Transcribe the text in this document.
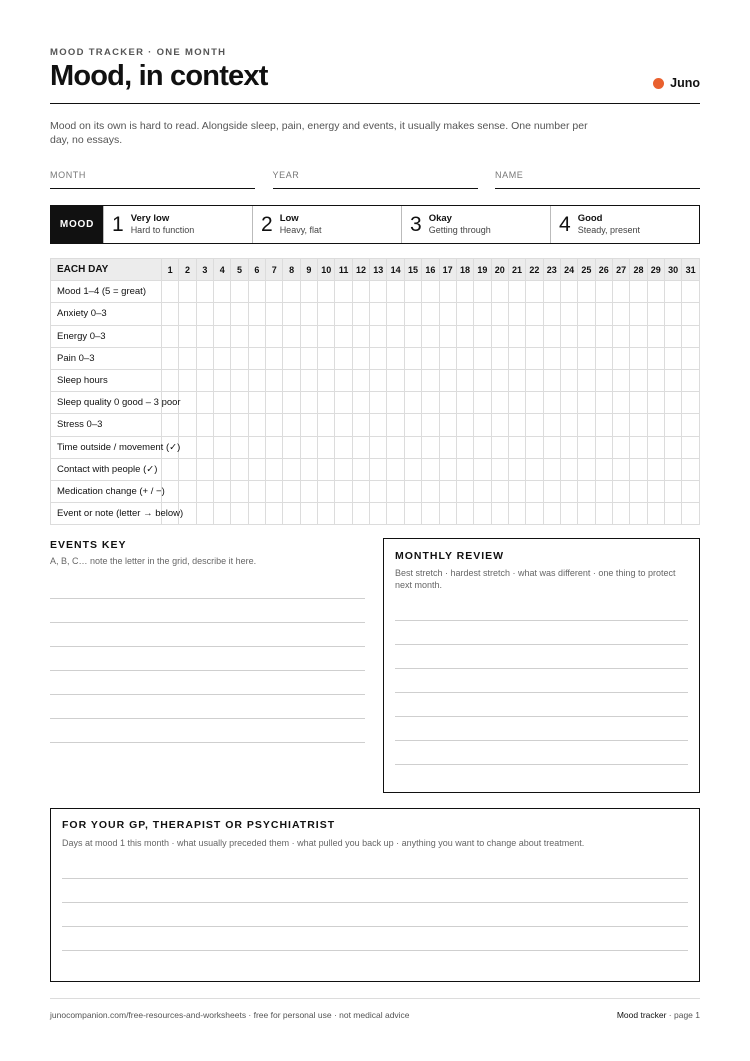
MOOD TRACKER · ONE MONTH
Mood, in context	Juno

Mood on its own is hard to read. Alongside sleep, pain, energy and events, it usually makes sense. One number per day, no essays.

MONTH	YEAR	NAME
MOOD 1 Very low
Hard to function	2 Low
Heavy, flat	3 Okay
Getting through	4 Good
Steady, present
EACH DAY	1	2	3	4	5	6	7	8	9	10	11	12	13	14	15	16	17	18	19	20	21	22	23	24	25	26	27	28	29	30	31
Mood 1–4 (5 = great)																															
Anxiety 0–3																															
Energy 0–3																															
Pain 0–3																															
Sleep hours																															
Sleep quality 0 good – 3 poor																															
Stress 0–3																															
Time outside / movement (✓)																															
Contact with people (✓)																															
Medication change (+ / −)																															
Event or note (letter → below)																															
EVENTS KEY
A, B, C… note the letter in the grid, describe it here.	MONTHLY REVIEW
Best stretch · hardest stretch · what was different · one thing to protect next month.
FOR YOUR GP, THERAPIST OR PSYCHIATRIST
Days at mood 1 this month · what usually preceded them · what pulled you back up · anything you want to change about treatment.
junocompanion.com/free-resources-and-worksheets · free for personal use · not medical advice	Mood tracker · page 1
